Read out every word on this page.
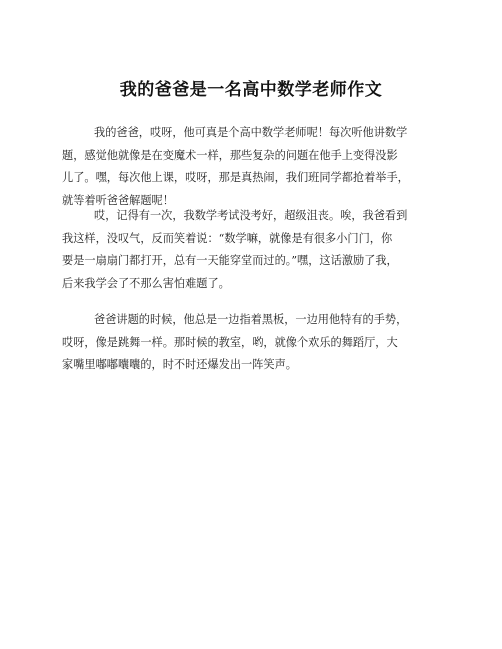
我的爸爸是一名高中数学老师作文
我的爸爸，哎呀，他可真是个高中数学老师呢！每次听他讲数学
题，感觉他就像是在变魔术一样，那些复杂的问题在他手上变得没影
儿了。嘿，每次他上课，哎呀，那是真热闹，我们班同学都抢着举手，
就等着听爸爸解题呢！
哎，记得有一次，我数学考试没考好，超级沮丧。唉，我爸看到
我这样，没叹气，反而笑着说：“数学嘛，就像是有很多小门门，你
要是一扇扇门都打开，总有一天能穿堂而过的。”嘿，这话激励了我，
后来我学会了不那么害怕难题了。
爸爸讲题的时候，他总是一边指着黑板，一边用他特有的手势，
哎呀，像是跳舞一样。那时候的教室，哟，就像个欢乐的舞蹈厅，大
家嘴里嘟嘟囔囔的，时不时还爆发出一阵笑声。
